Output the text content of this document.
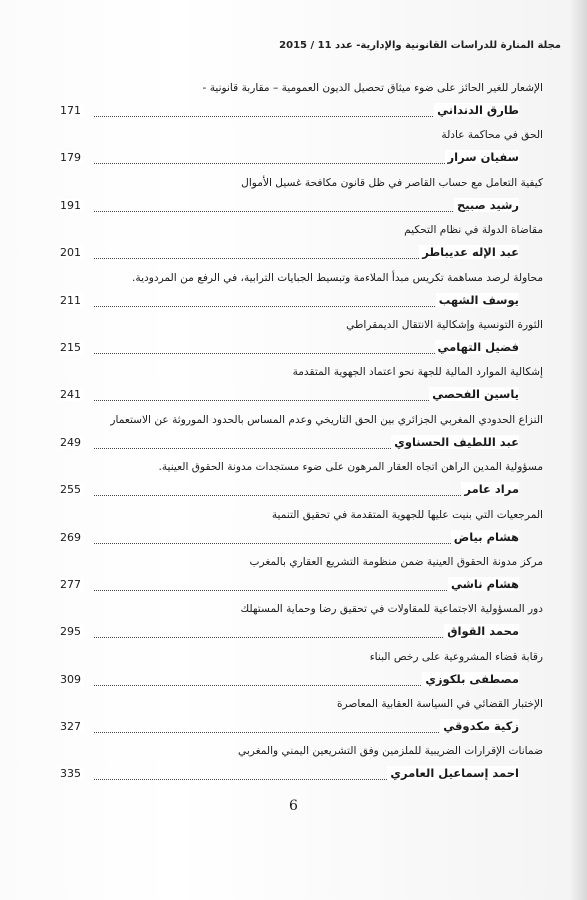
مجلة المنارة للدراسات القانونية والإدارية- عدد 11 / 2015
الإشعار للغير الحائز على ضوء ميثاق تحصيل الديون العمومية – مقاربة قانونية -
طارق الدنداني
171
الحق في محاكمة عادلة
سفيان سرار
179
كيفية التعامل مع حساب القاصر في ظل قانون مكافحة غسيل الأموال
رشيد صبيح
191
مقاضاة الدولة في نظام التحكيم
عبد الإله عديباطر
201
محاولة لرصد مساهمة تكريس مبدأ الملاءمة وتبسيط الجبايات الترابية، في الرفع من المردودية.
يوسف الشهب
211
الثورة التونسية وإشكالية الانتقال الديمقراطي
فضيل التهامي
215
إشكالية الموارد المالية للجهة نحو اعتماد الجهوية المتقدمة
ياسين الفحصي
241
النزاع الحدودي المغربي الجزائري بين الحق التاريخي وعدم المساس بالحدود الموروثة عن الاستعمار
عبد اللطيف الحسناوي
249
مسؤولية المدين الراهن اتجاه العقار المرهون على ضوء مستجدات مدونة الحقوق العينية.
مراد عامر
255
المرجعيات التي بنيت عليها للجهوية المتقدمة في تحقيق التنمية
هشام بياض
269
مركز مدونة الحقوق العينية ضمن منظومة التشريع العقاري بالمغرب
هشام ناشي
277
دور المسؤولية الاجتماعية للمقاولات في تحقيق رضا وحماية المستهلك
محمد القواق
295
رقابة قضاء المشروعية على رخص البناء
مصطفى بلكوزي
309
الإختبار القضائي في السياسة العقابية المعاصرة
زكية مكدوقي
327
ضمانات الإقرارات الضريبية للملزمين وفق التشريعين اليمني والمغربي
احمد إسماعيل العامري
335
6
